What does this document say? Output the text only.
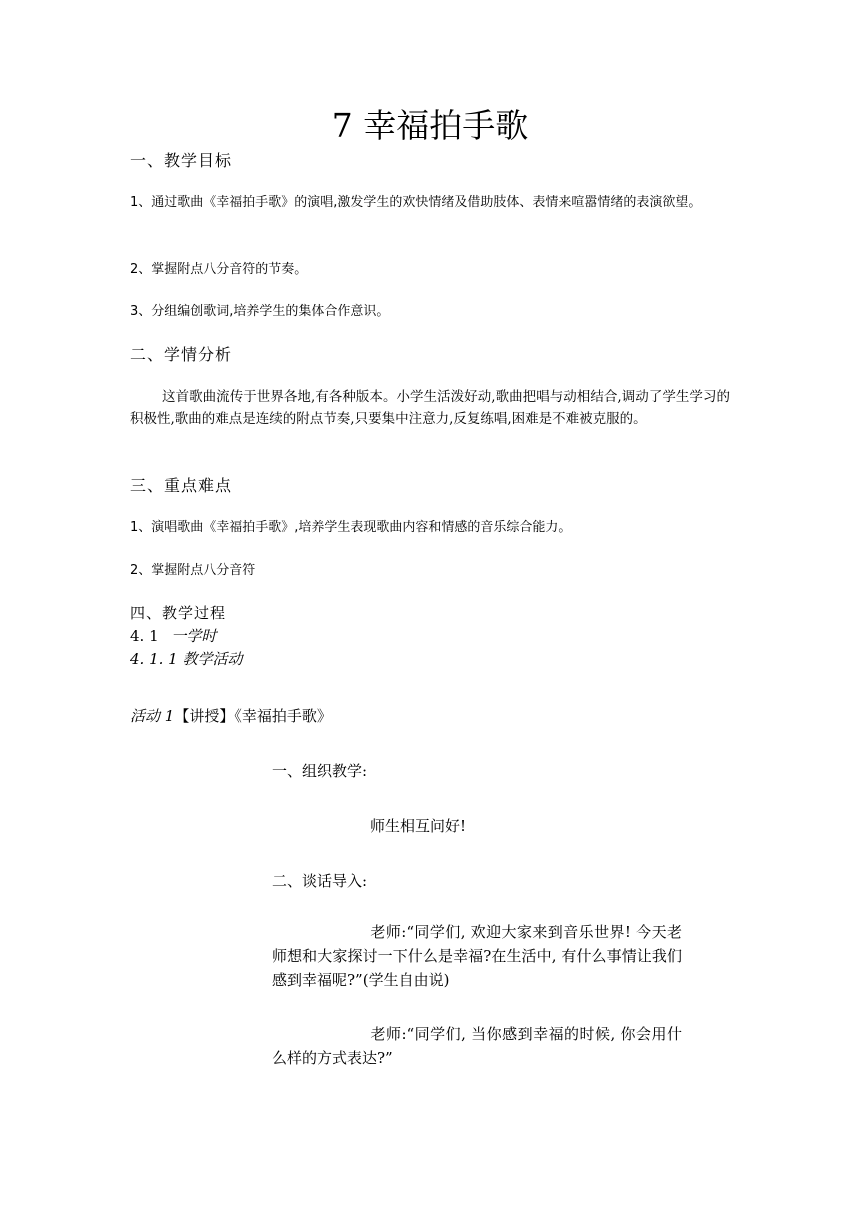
7 幸福拍手歌
一、教学目标
1、通过歌曲《幸福拍手歌》的演唱,激发学生的欢快情绪及借助肢体、表情来喧嚣情绪的表演欲望。
2、掌握附点八分音符的节奏。
3、分组编创歌词,培养学生的集体合作意识。
二、学情分析
这首歌曲流传于世界各地,有各种版本。小学生活泼好动,歌曲把唱与动相结合,调动了学生学习的积极性,歌曲的难点是连续的附点节奏,只要集中注意力,反复练唱,困难是不难被克服的。
三、重点难点
1、演唱歌曲《幸福拍手歌》,培养学生表现歌曲内容和情感的音乐综合能力。
2、掌握附点八分音符
四、教学过程
4. 1 一学时
4. 1. 1 教学活动
活动 1【讲授】《幸福拍手歌》
一、组织教学:
师生相互问好!
二、谈话导入:
老师:“同学们, 欢迎大家来到音乐世界! 今天老师想和大家探讨一下什么是幸福?在生活中, 有什么事情让我们感到幸福呢?”(学生自由说)
老师:“同学们, 当你感到幸福的时候, 你会用什么样的方式表达?”
